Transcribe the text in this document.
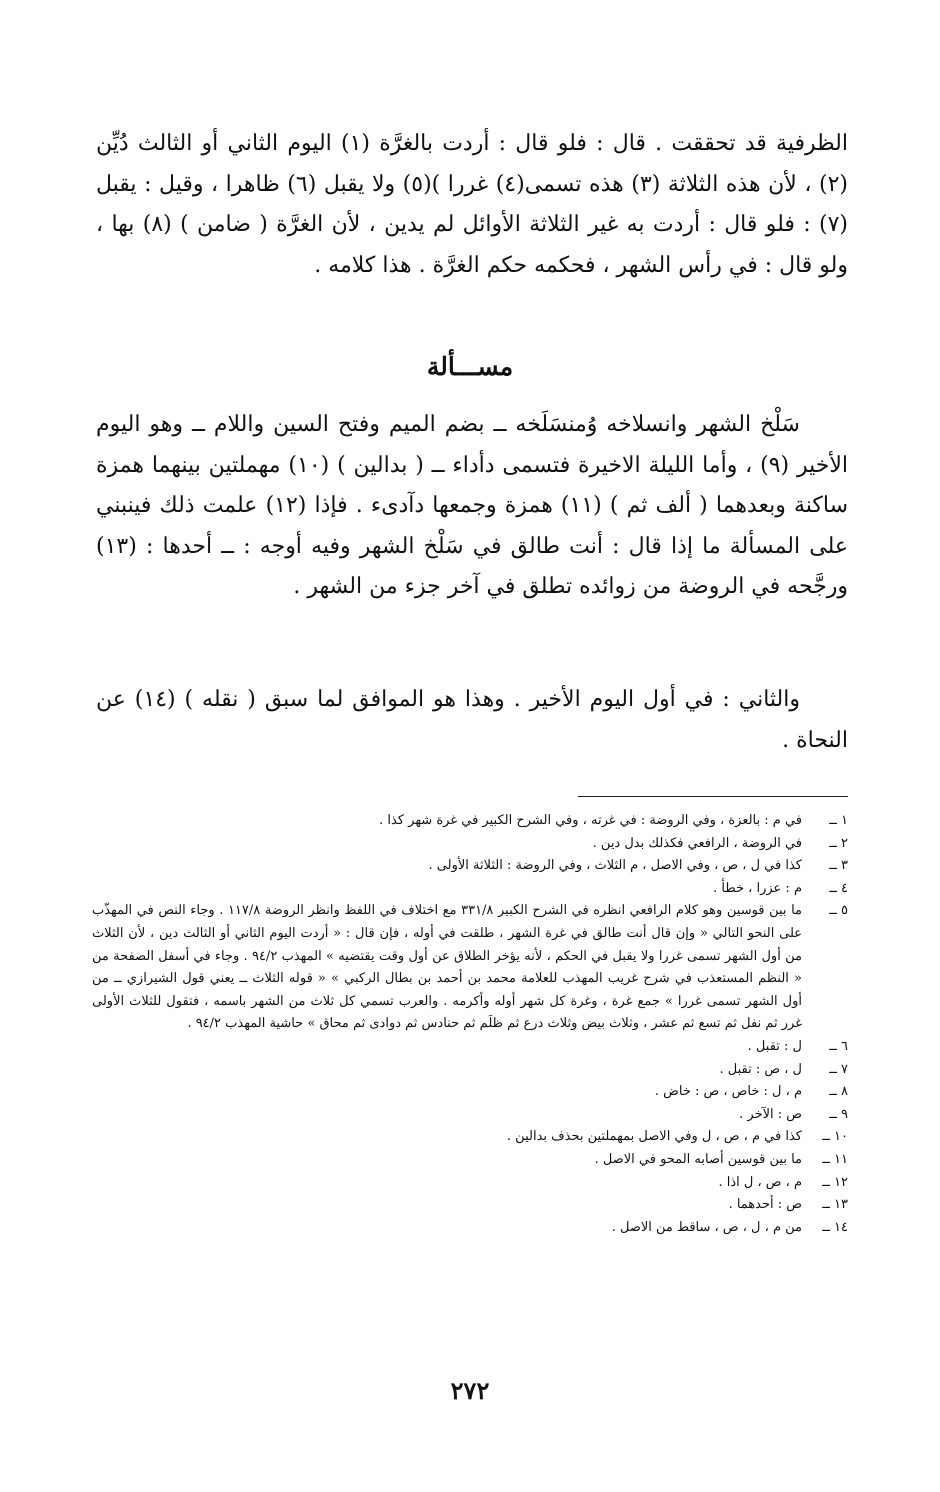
الظرفية قد تحققت . قال : فلو قال : أردت بالغرَّة (١) اليوم الثاني أو الثالث دُيِّن (٢) ، لأن هذه الثلاثة (٣) هذه تسمى(٤) غررا )(٥) ولا يقبل (٦) ظاهرا ، وقيل : يقبل (٧) : فلو قال : أردت به غير الثلاثة الأوائل لم يدين ، لأن الغرَّة ( ضامن ) (٨) بها ، ولو قال : في رأس الشهر ، فحكمه حكم الغرَّة . هذا كلامه .

مســـألة

سَلْخ الشهر وانسلاخه وُمنسَلَخه ــ بضم الميم وفتح السين واللام ــ وهو اليوم الأخير (٩) ، وأما الليلة الاخيرة فتسمى دأداء ــ ( بدالين ) (١٠) مهملتين بينهما همزة ساكنة وبعدهما ( ألف ثم ) (١١) همزة وجمعها دآدىء . فإذا (١٢) علمت ذلك فينبني على المسألة ما إذا قال : أنت طالق في سَلْخ الشهر وفيه أوجه : ــ أحدها : (١٣) ورجَّحه في الروضة من زوائده تطلق في آخر جزء من الشهر .

والثاني : في أول اليوم الأخير . وهذا هو الموافق لما سبق ( نقله ) (١٤) عن النحاة .

١ ــ
في م : بالعزة ، وفي الروضة : في غرته ، وفي الشرح الكبير في غرة شهر كذا .
٢ ــ
في الروضة ، الرافعي فكذلك بدل دين .
٣ ــ
كذا في ل ، ص ، وفي الاصل ، م الثلاث ، وفي الروضة : الثلاثة الأولى .
٤ ــ
م : عزرا ، خطأ .
٥ ــ
ما بين قوسين وهو كلام الرافعي انظره في الشرح الكبير ٣٣١/٨ مع اختلاف في اللفظ وانظر الروضة ١١٧/٨ . وجاء النص في المهذّب على النحو التالي « وإن قال أنت طالق في غرة الشهر ، طلقت في أوله ، فإن قال : « أردت اليوم الثاني أو الثالث دين ، لأن الثلاث من أول الشهر تسمى غررا ولا يقبل في الحكم ، لأنه يؤخر الطلاق عن أول وقت يقتضيه » المهذب ٩٤/٢ . وجاء في أسفل الصفحة من « النظم المستعذب في شرح غريب المهذب للعلامة محمد بن أحمد بن بطال الركبي » « قوله الثلاث ــ يعني قول الشيرازي ــ من أول الشهر تسمى غررا » جمع غرة ، وغرة كل شهر أوله وأكرمه . والعرب تسمي كل ثلاث من الشهر باسمه ، فتقول للثلاث الأولى غرر ثم نفل ثم تسع ثم عشر ، وثلاث بيض وثلاث درع ثم ظلَم ثم حنادس ثم دوادى ثم محاق » حاشية المهذب ٩٤/٢ .
٦ ــ
ل : تقبل .
٧ ــ
ل ، ص : تقبل .
٨ ــ
م ، ل : خاص ، ص : خاض .
٩ ــ
ص : الآخر .
١٠ ــ
كذا في م ، ص ، ل وفي الاصل بمهملتين بحذف بدالين .
١١ ــ
ما بين قوسين أصابه المحو في الاصل .
١٢ ــ
م ، ص ، ل اذا .
١٣ ــ
ص : أحدهما .
١٤ ــ
من م ، ل ، ص ، ساقط من الاصل .
٢٧٢
